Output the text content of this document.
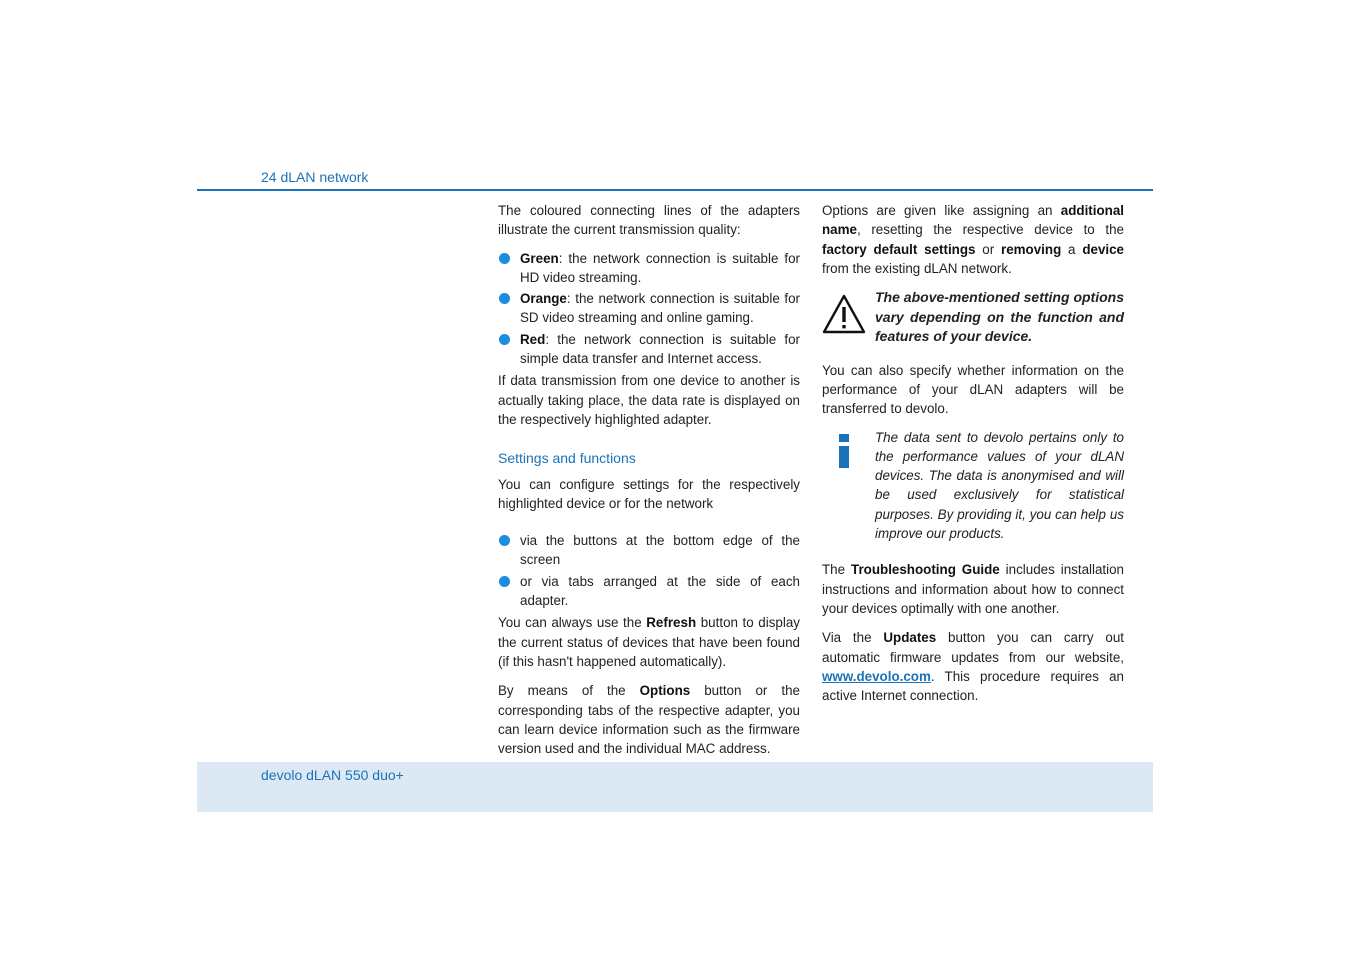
24 dLAN network

The coloured connecting lines of the adapters illustrate the current transmission quality:

Green: the network connection is suitable for HD video streaming.
Orange: the network connection is suitable for SD video streaming and online gaming.
Red: the network connection is suitable for simple data transfer and Internet access.

If data transmission from one device to another is actually taking place, the data rate is displayed on the respectively highlighted adapter.

Settings and functions

You can configure settings for the respectively highlighted device or for the network

via the buttons at the bottom edge of the screen
or via tabs arranged at the side of each adapter.

You can always use the Refresh button to display the current status of devices that have been found (if this hasn't happened automatically).

By means of the Options button or the corresponding tabs of the respective adapter, you can learn device information such as the firmware version used and the individual MAC address.

Options are given like assigning an additional name, resetting the respective device to the factory default settings or removing a device from the existing dLAN network.

The above-mentioned setting options vary depending on the function and features of your device.

You can also specify whether information on the performance of your dLAN adapters will be transferred to devolo.

The data sent to devolo pertains only to the performance values of your dLAN devices. The data is anonymised and will be used exclusively for statistical purposes. By providing it, you can help us improve our products.

The Troubleshooting Guide includes installation instructions and information about how to connect your devices optimally with one another.

Via the Updates button you can carry out automatic firmware updates from our website, www.devolo.com. This procedure requires an active Internet connection.

devolo dLAN 550 duo+
